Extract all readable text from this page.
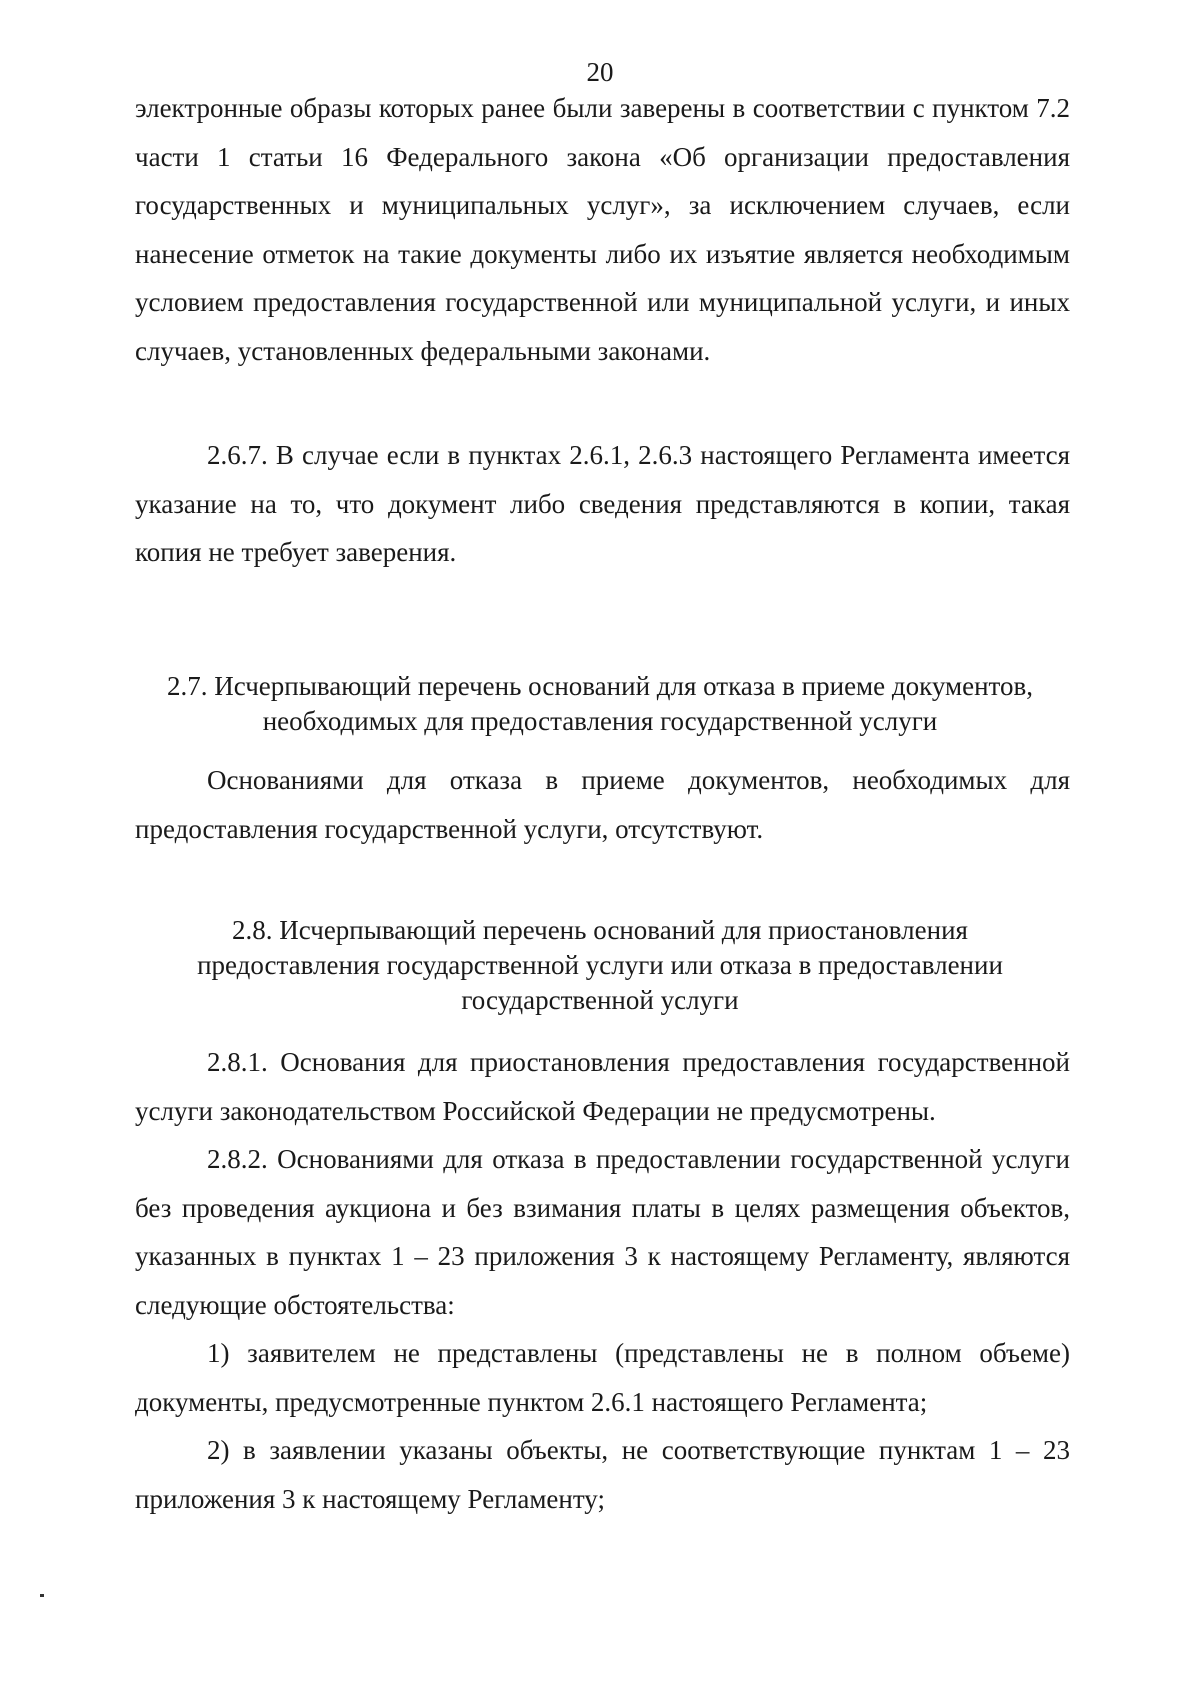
20

электронные образы которых ранее были заверены в соответствии с пунктом 7.2 части 1 статьи 16 Федерального закона «Об организации предоставления государственных и муниципальных услуг», за исключением случаев, если нанесение отметок на такие документы либо их изъятие является необходимым условием предоставления государственной или муниципальной услуги, и иных случаев, установленных федеральными законами.

2.6.7. В случае если в пунктах 2.6.1, 2.6.3 настоящего Регламента имеется указание на то, что документ либо сведения представляются в копии, такая копия не требует заверения.

2.7. Исчерпывающий перечень оснований для отказа в приеме документов,
необходимых для предоставления государственной услуги

Основаниями для отказа в приеме документов, необходимых для предоставления государственной услуги, отсутствуют.

2.8. Исчерпывающий перечень оснований для приостановления
предоставления государственной услуги или отказа в предоставлении
государственной услуги

2.8.1. Основания для приостановления предоставления государственной услуги законодательством Российской Федерации не предусмотрены.

2.8.2. Основаниями для отказа в предоставлении государственной услуги без проведения аукциона и без взимания платы в целях размещения объектов, указанных в пунктах 1 – 23 приложения 3 к настоящему Регламенту, являются следующие обстоятельства:

1) заявителем не представлены (представлены не в полном объеме) документы, предусмотренные пунктом 2.6.1 настоящего Регламента;

2) в заявлении указаны объекты, не соответствующие пунктам 1 – 23 приложения 3 к настоящему Регламенту;
